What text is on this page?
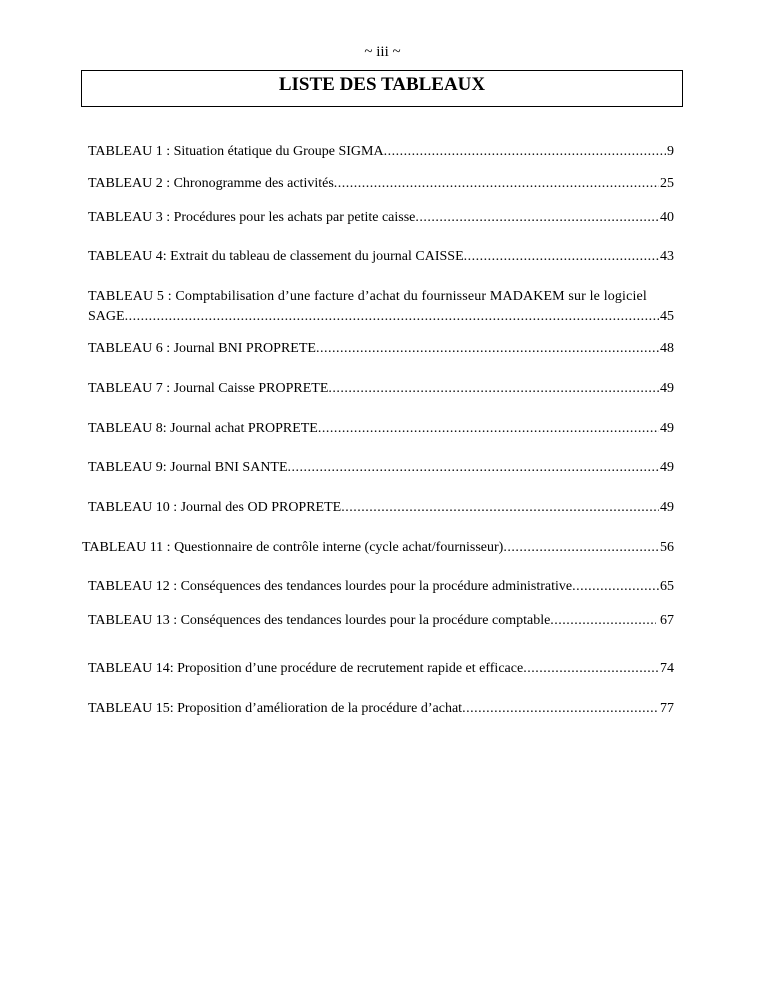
~ iii ~
LISTE DES TABLEAUX
TABLEAU 1 : Situation étatique du Groupe SIGMA .....	9
TABLEAU 2 : Chronogramme des activités .....	25
TABLEAU 3 : Procédures pour les achats par petite caisse .....	40
TABLEAU 4: Extrait du tableau de classement du journal CAISSE .....	43
TABLEAU 5 : Comptabilisation d’une facture d’achat du fournisseur MADAKEM sur le logiciel
SAGE .....	45
TABLEAU 6 : Journal BNI PROPRETE .....	48
TABLEAU 7 : Journal Caisse PROPRETE .....	49
TABLEAU 8: Journal achat PROPRETE .....	49
TABLEAU 9: Journal BNI SANTE .....	49
TABLEAU 10 : Journal des OD PROPRETE .....	49
TABLEAU 11 : Questionnaire de contrôle interne (cycle achat/fournisseur) .....	56
TABLEAU 12 : Conséquences des tendances lourdes pour la procédure administrative .....	65
TABLEAU 13 : Conséquences des tendances lourdes pour la procédure comptable .....	67
TABLEAU 14: Proposition d’une procédure de recrutement rapide et efficace .....	74
TABLEAU 15: Proposition d’amélioration de la procédure d’achat .....	77
